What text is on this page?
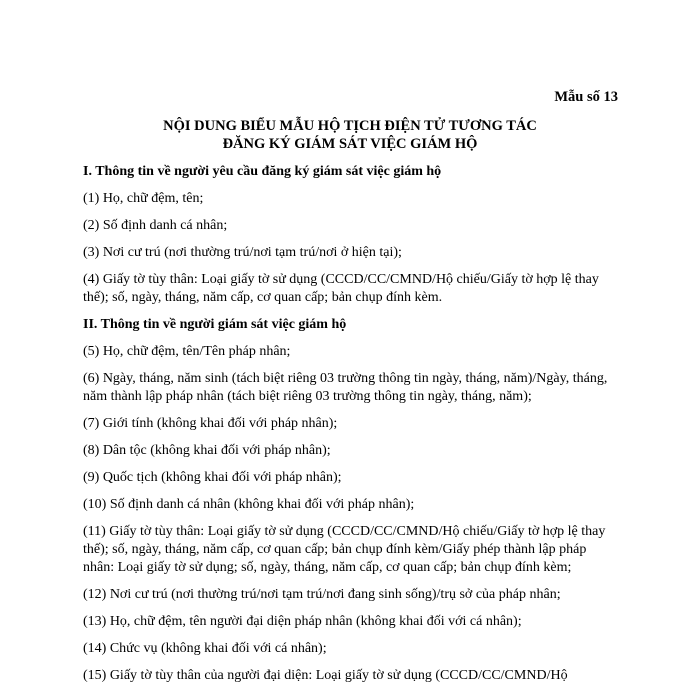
Mẫu số 13

NỘI DUNG BIỂU MẪU HỘ TỊCH ĐIỆN TỬ TƯƠNG TÁC
ĐĂNG KÝ GIÁM SÁT VIỆC GIÁM HỘ

I. Thông tin về người yêu cầu đăng ký giám sát việc giám hộ

(1) Họ, chữ đệm, tên;

(2) Số định danh cá nhân;

(3) Nơi cư trú (nơi thường trú/nơi tạm trú/nơi ở hiện tại);

(4) Giấy tờ tùy thân: Loại giấy tờ sử dụng (CCCD/CC/CMND/Hộ chiếu/Giấy tờ hợp lệ thay thế); số, ngày, tháng, năm cấp, cơ quan cấp; bản chụp đính kèm.

II. Thông tin về người giám sát việc giám hộ

(5) Họ, chữ đệm, tên/Tên pháp nhân;

(6) Ngày, tháng, năm sinh (tách biệt riêng 03 trường thông tin ngày, tháng, năm)/Ngày, tháng, năm thành lập pháp nhân (tách biệt riêng 03 trường thông tin ngày, tháng, năm);

(7) Giới tính (không khai đối với pháp nhân);

(8) Dân tộc (không khai đối với pháp nhân);

(9) Quốc tịch (không khai đối với pháp nhân);

(10) Số định danh cá nhân (không khai đối với pháp nhân);

(11) Giấy tờ tùy thân: Loại giấy tờ sử dụng (CCCD/CC/CMND/Hộ chiếu/Giấy tờ hợp lệ thay thế); số, ngày, tháng, năm cấp, cơ quan cấp; bản chụp đính kèm/Giấy phép thành lập pháp nhân: Loại giấy tờ sử dụng; số, ngày, tháng, năm cấp, cơ quan cấp; bản chụp đính kèm;

(12) Nơi cư trú (nơi thường trú/nơi tạm trú/nơi đang sinh sống)/trụ sở của pháp nhân;

(13) Họ, chữ đệm, tên người đại diện pháp nhân (không khai đối với cá nhân);

(14) Chức vụ (không khai đối với cá nhân);

(15) Giấy tờ tùy thân của người đại diện: Loại giấy tờ sử dụng (CCCD/CC/CMND/Hộ
